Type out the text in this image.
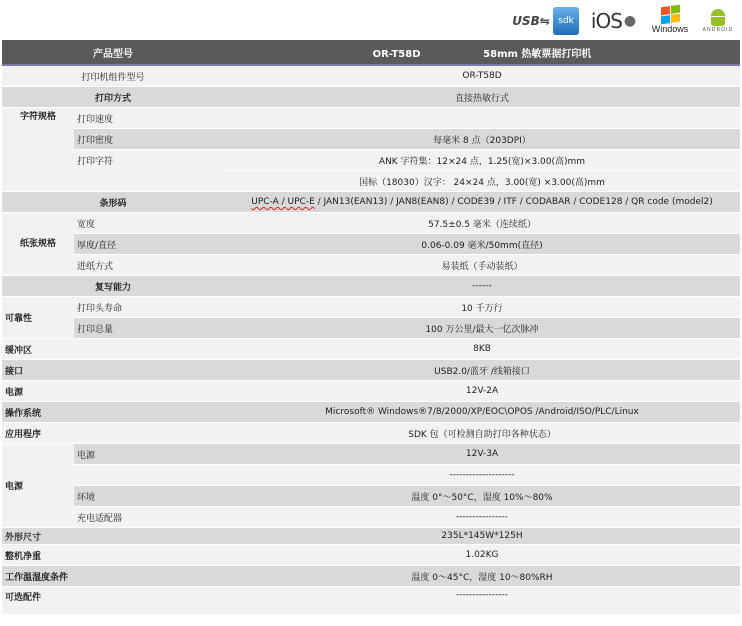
USB ⇋ sdk iOS ● Windows	ANDROID
产品型号		OR-T58D 58mm 热敏票据打印机
打印机组件型号		OR-T58D
打印方式		直接热敏行式
字符规格	打印速度	
	打印密度	每毫米 8 点（203DPI）
	打印字符	ANK 字符集：12×24 点，1.25(宽)×3.00(高)mm
		国标（18030）汉字： 24×24 点，3.00(宽) ×3.00(高)mm
条形码		UPC-A / UPC-E / JAN13(EAN13) / JAN8(EAN8) / CODE39 / ITF / CODABAR / CODE128 / QR code (model2)
纸张规格	宽度	57.5±0.5 毫米（连续纸）
	厚度/直径	0.06-0.09 毫米/50mm(直径)
	进纸方式	易装纸（手动装纸）
复写能力		------
可靠性	打印头寿命	10 千万行
	打印总量	100 万公里/最大一亿次脉冲
缓冲区		8KB
接口		USB2.0/蓝牙 /线箱接口
电源		12V-2A
操作系统		Microsoft® Windows®7/8/2000/XP/EOC\OPOS /Android/ISO/PLC/Linux
应用程序		SDK 包（可检测自助打印各种状态）
电源	电源	12V-3A
		--------------------
	环境	温度 0°～50°C，湿度 10%～80%
	充电适配器	----------------
外形尺寸		235L*145W*125H
整机净重		1.02KG
工作温湿度条件		温度 0～45°C，湿度 10～80%RH
可选配件		----------------
